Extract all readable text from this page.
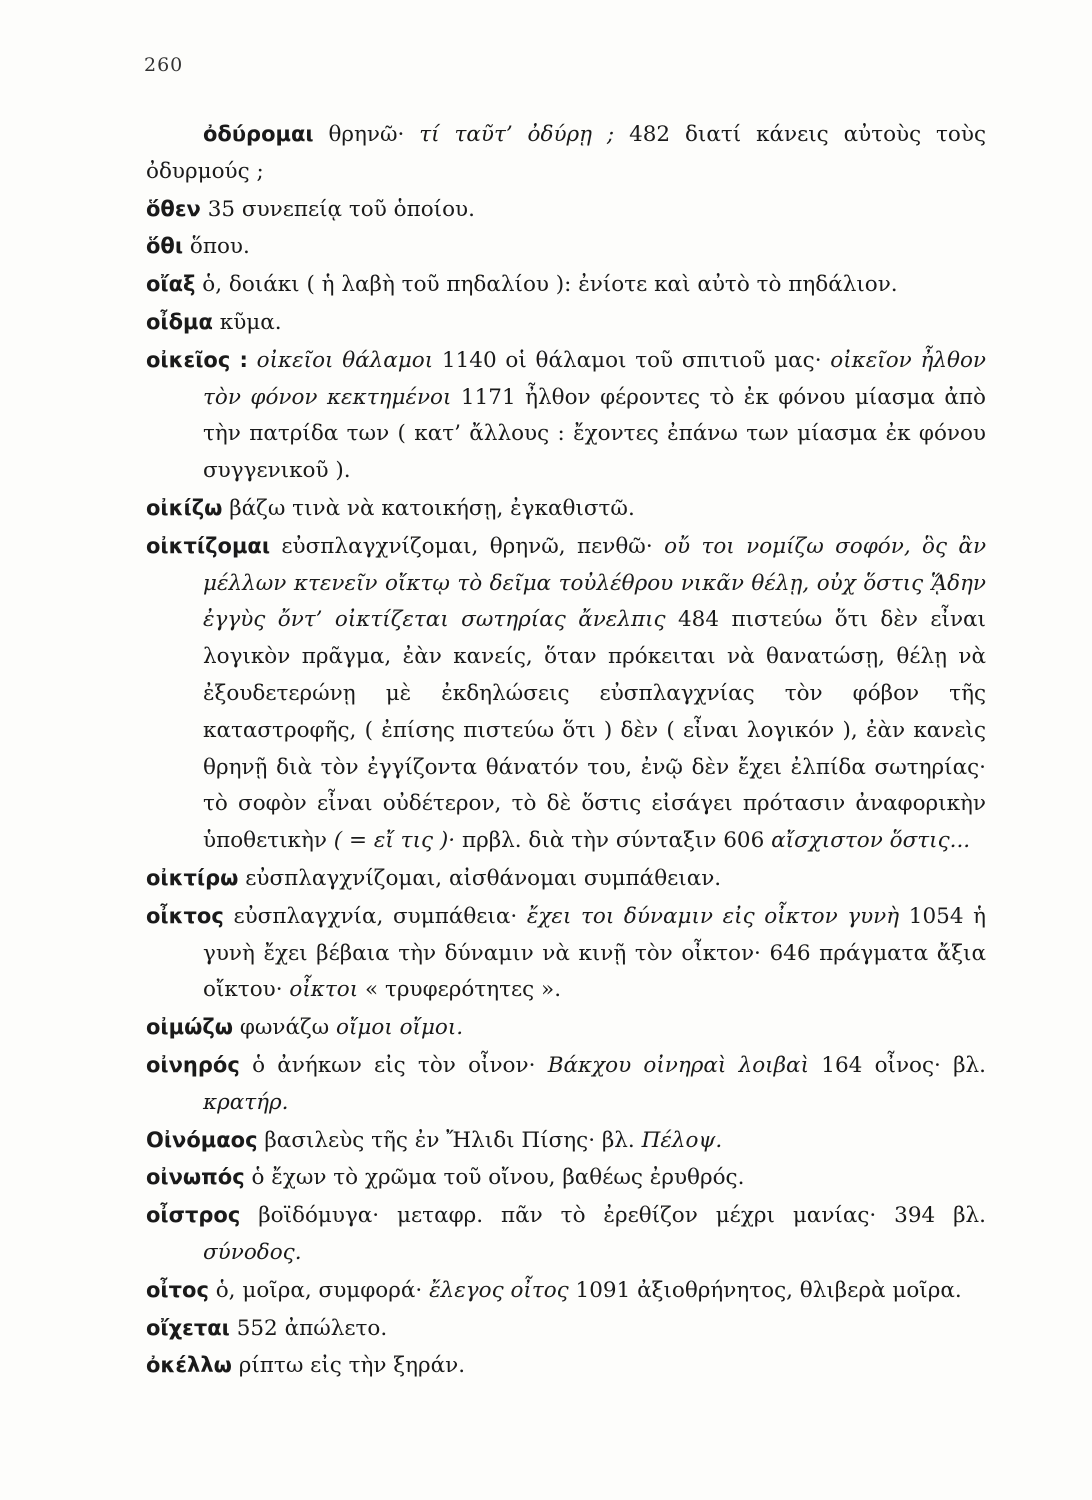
260

ὀδύρομαι θρηνῶ· τί ταῦτ’ ὀδύρῃ ; 482 διατί κάνεις αὐτοὺς τοὺς ὀδυρμούς ;

ὅθεν 35 συνεπείᾳ τοῦ ὁποίου.

ὅθι ὅπου.

οἴαξ ὁ, δοιάκι ( ἡ λαβὴ τοῦ πηδαλίου ): ἐνίοτε καὶ αὐτὸ τὸ πηδάλιον.

οἶδμα κῦμα.

οἰκεῖος : οἰκεῖοι θάλαμοι 1140 οἱ θάλαμοι τοῦ σπιτιοῦ μας· οἰκεῖον ἦλθον τὸν φόνον κεκτημένοι 1171 ἦλθον φέροντες τὸ ἐκ φόνου μίασμα ἀπὸ τὴν πατρίδα των ( κατ’ ἄλλους : ἔχοντες ἐπάνω των μίασμα ἐκ φόνου συγγενικοῦ ).

οἰκίζω βάζω τινὰ νὰ κατοικήσῃ, ἐγκαθιστῶ.

οἰκτίζομαι εὐσπλαγχνίζομαι, θρηνῶ, πενθῶ· οὔ τοι νομίζω σοφόν, ὃς ἂν μέλλων κτενεῖν οἴκτῳ τὸ δεῖμα τοὐλέθρου νικᾶν θέλῃ, οὐχ ὅστις ᾍδην ἐγγὺς ὄντ’ οἰκτίζεται σωτηρίας ἄνελπις 484 πιστεύω ὅτι δὲν εἶναι λογικὸν πρᾶγμα, ἐὰν κανείς, ὅταν πρόκειται νὰ θανατώσῃ, θέλῃ νὰ ἐξουδετερώνῃ μὲ ἐκδηλώσεις εὐσπλαγχνίας τὸν φόβον τῆς καταστροφῆς, ( ἐπίσης πιστεύω ὅτι ) δὲν ( εἶναι λογικόν ), ἐὰν κανεὶς θρηνῇ διὰ τὸν ἐγγίζοντα θάνατόν του, ἐνῷ δὲν ἔχει ἐλπίδα σωτηρίας· τὸ σοφὸν εἶναι οὐδέτερον, τὸ δὲ ὅστις εἰσάγει πρότασιν ἀναφορικὴν ὑποθετικὴν ( = εἴ τις )· πρβλ. διὰ τὴν σύνταξιν 606 αἴσχιστον ὅστις...

οἰκτίρω εὐσπλαγχνίζομαι, αἰσθάνομαι συμπάθειαν.

οἶκτος εὐσπλαγχνία, συμπάθεια· ἔχει τοι δύναμιν εἰς οἶκτον γυνὴ 1054 ἡ γυνὴ ἔχει βέβαια τὴν δύναμιν νὰ κινῇ τὸν οἶκτον· 646 πράγματα ἄξια οἴκτου· οἶκτοι « τρυφερότητες ».

οἰμώζω φωνάζω οἴμοι οἴμοι.

οἰνηρός ὁ ἀνήκων εἰς τὸν οἶνον· Βάκχου οἰνηραὶ λοιβαὶ 164 οἶνος· βλ. κρατήρ.

Οἰνόμαος βασιλεὺς τῆς ἐν Ἤλιδι Πίσης· βλ. Πέλοψ.

οἰνωπός ὁ ἔχων τὸ χρῶμα τοῦ οἴνου, βαθέως ἐρυθρός.

οἶστρος βοϊδόμυγα· μεταφρ. πᾶν τὸ ἐρεθίζον μέχρι μανίας· 394 βλ. σύνοδος.

οἶτος ὁ, μοῖρα, συμφορά· ἔλεγος οἶτος 1091 ἀξιοθρήνητος, θλιβερὰ μοῖρα.

οἴχεται 552 ἀπώλετο.

ὀκέλλω ρίπτω εἰς τὴν ξηράν.
